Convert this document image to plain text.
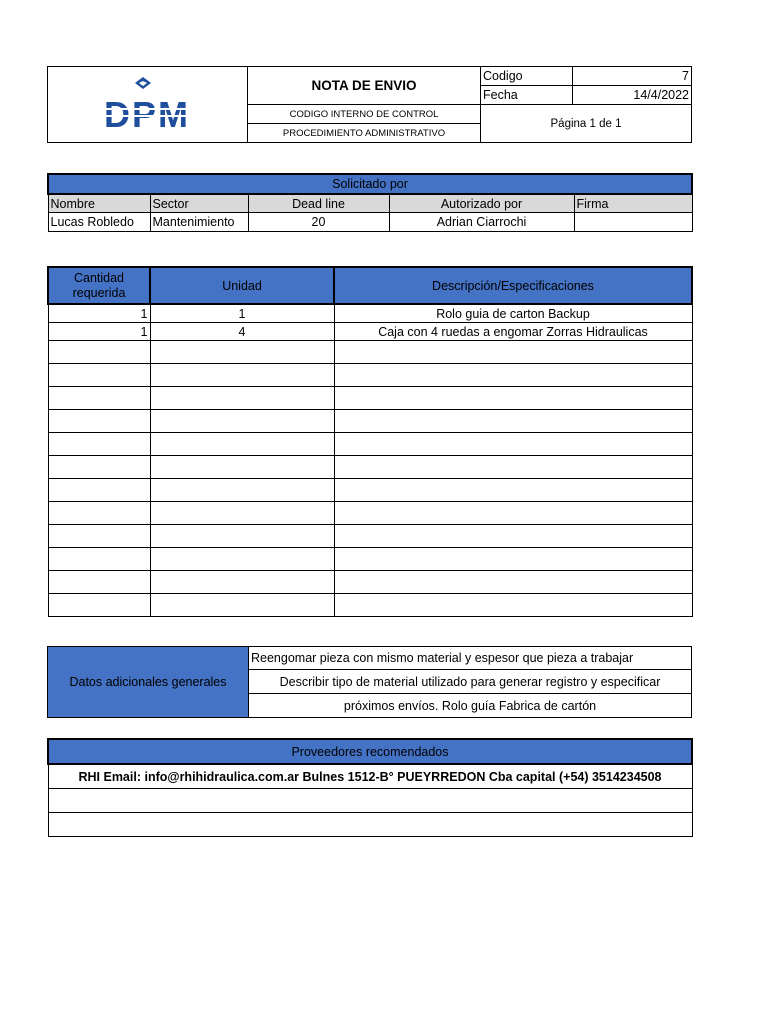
DPM	NOTA DE ENVIO	Codigo	7
		Fecha	14/4/2022
	CODIGO INTERNO DE CONTROL	Página 1 de 1	
	PROCEDIMIENTO ADMINISTRATIVO		
Solicitado por				
Nombre	Sector	Dead line	Autorizado por	Firma
Lucas Robledo	Mantenimiento	20	Adrian Ciarrochi	
Cantidad
requerida	Unidad	Descripción/Especificaciones
1	1	Rolo guia de carton Backup
1	4	Caja con 4 ruedas a engomar Zorras Hidraulicas

Datos adicionales generales	Reengomar pieza con mismo material y espesor que pieza a trabajar
Describir tipo de material utilizado para generar registro y especificar
próximos envíos. Rolo guía Fabrica de cartón
Proveedores recomendados
RHI Email: info@rhihidraulica.com.ar Bulnes 1512-B° PUEYRREDON Cba capital (+54) 3514234508
